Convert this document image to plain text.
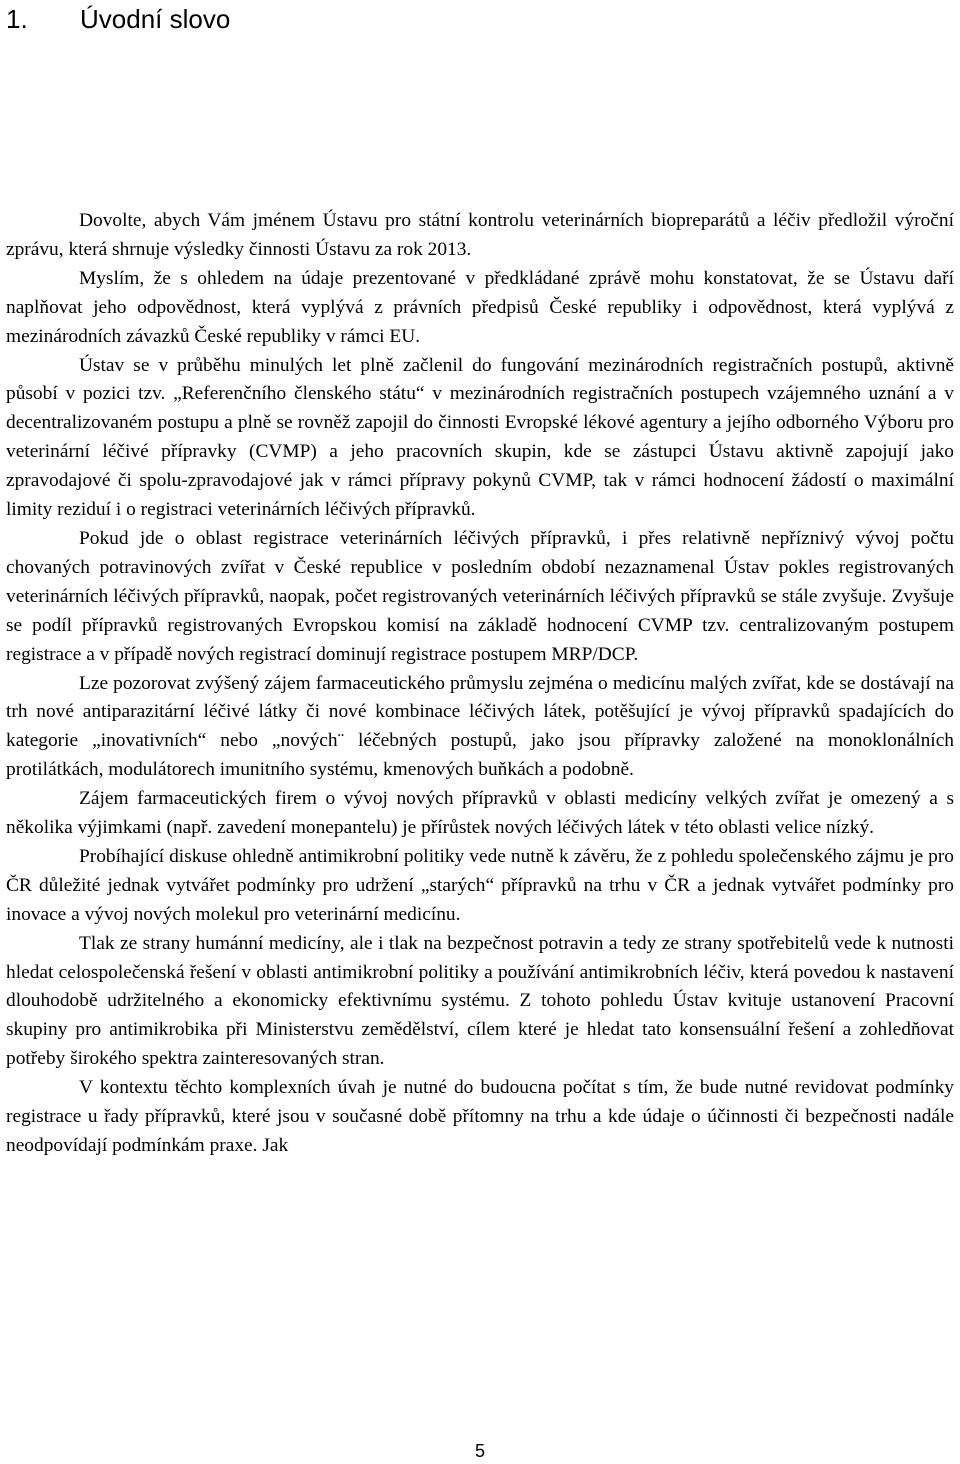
1. Úvodní slovo

Dovolte, abych Vám jménem Ústavu pro státní kontrolu veterinárních biopreparátů a léčiv předložil výroční zprávu, která shrnuje výsledky činnosti Ústavu za rok 2013.

Myslím, že s ohledem na údaje prezentované v předkládané zprávě mohu konstatovat, že se Ústavu daří naplňovat jeho odpovědnost, která vyplývá z právních předpisů České republiky i odpovědnost, která vyplývá z mezinárodních závazků České republiky v rámci EU.

Ústav se v průběhu minulých let plně začlenil do fungování mezinárodních registračních postupů, aktivně působí v pozici tzv. „Referenčního členského státu“ v mezinárodních registračních postupech vzájemného uznání a v decentralizovaném postupu a plně se rovněž zapojil do činnosti Evropské lékové agentury a jejího odborného Výboru pro veterinární léčivé přípravky (CVMP) a jeho pracovních skupin, kde se zástupci Ústavu aktivně zapojují jako zpravodajové či spolu-zpravodajové jak v rámci přípravy pokynů CVMP, tak v rámci hodnocení žádostí o maximální limity reziduí i o registraci veterinárních léčivých přípravků.

Pokud jde o oblast registrace veterinárních léčivých přípravků, i přes relativně nepříznivý vývoj počtu chovaných potravinových zvířat v České republice v posledním období nezaznamenal Ústav pokles registrovaných veterinárních léčivých přípravků, naopak, počet registrovaných veterinárních léčivých přípravků se stále zvyšuje. Zvyšuje se podíl přípravků registrovaných Evropskou komisí na základě hodnocení CVMP tzv. centralizovaným postupem registrace a v případě nových registrací dominují registrace postupem MRP/DCP.

Lze pozorovat zvýšený zájem farmaceutického průmyslu zejména o medicínu malých zvířat, kde se dostávají na trh nové antiparazitární léčivé látky či nové kombinace léčivých látek, potěšující je vývoj přípravků spadajících do kategorie „inovativních“ nebo „nových¨ léčebných postupů, jako jsou přípravky založené na monoklonálních protilátkách, modulátorech imunitního systému, kmenových buňkách a podobně.

Zájem farmaceutických firem o vývoj nových přípravků v oblasti medicíny velkých zvířat je omezený a s několika výjimkami (např. zavedení monepantelu) je přírůstek nových léčivých látek v této oblasti velice nízký.

Probíhající diskuse ohledně antimikrobní politiky vede nutně k závěru, že z pohledu společenského zájmu je pro ČR důležité jednak vytvářet podmínky pro udržení „starých“ přípravků na trhu v ČR a jednak vytvářet podmínky pro inovace a vývoj nových molekul pro veterinární medicínu.

Tlak ze strany humánní medicíny, ale i tlak na bezpečnost potravin a tedy ze strany spotřebitelů vede k nutnosti hledat celospolečenská řešení v oblasti antimikrobní politiky a používání antimikrobních léčiv, která povedou k nastavení dlouhodobě udržitelného a ekonomicky efektivnímu systému. Z tohoto pohledu Ústav kvituje ustanovení Pracovní skupiny pro antimikrobika při Ministerstvu zemědělství, cílem které je hledat tato konsensuální řešení a zohledňovat potřeby širokého spektra zainteresovaných stran.

V kontextu těchto komplexních úvah je nutné do budoucna počítat s tím, že bude nutné revidovat podmínky registrace u řady přípravků, které jsou v současné době přítomny na trhu a kde údaje o účinnosti či bezpečnosti nadále neodpovídají podmínkám praxe. Jak

5
